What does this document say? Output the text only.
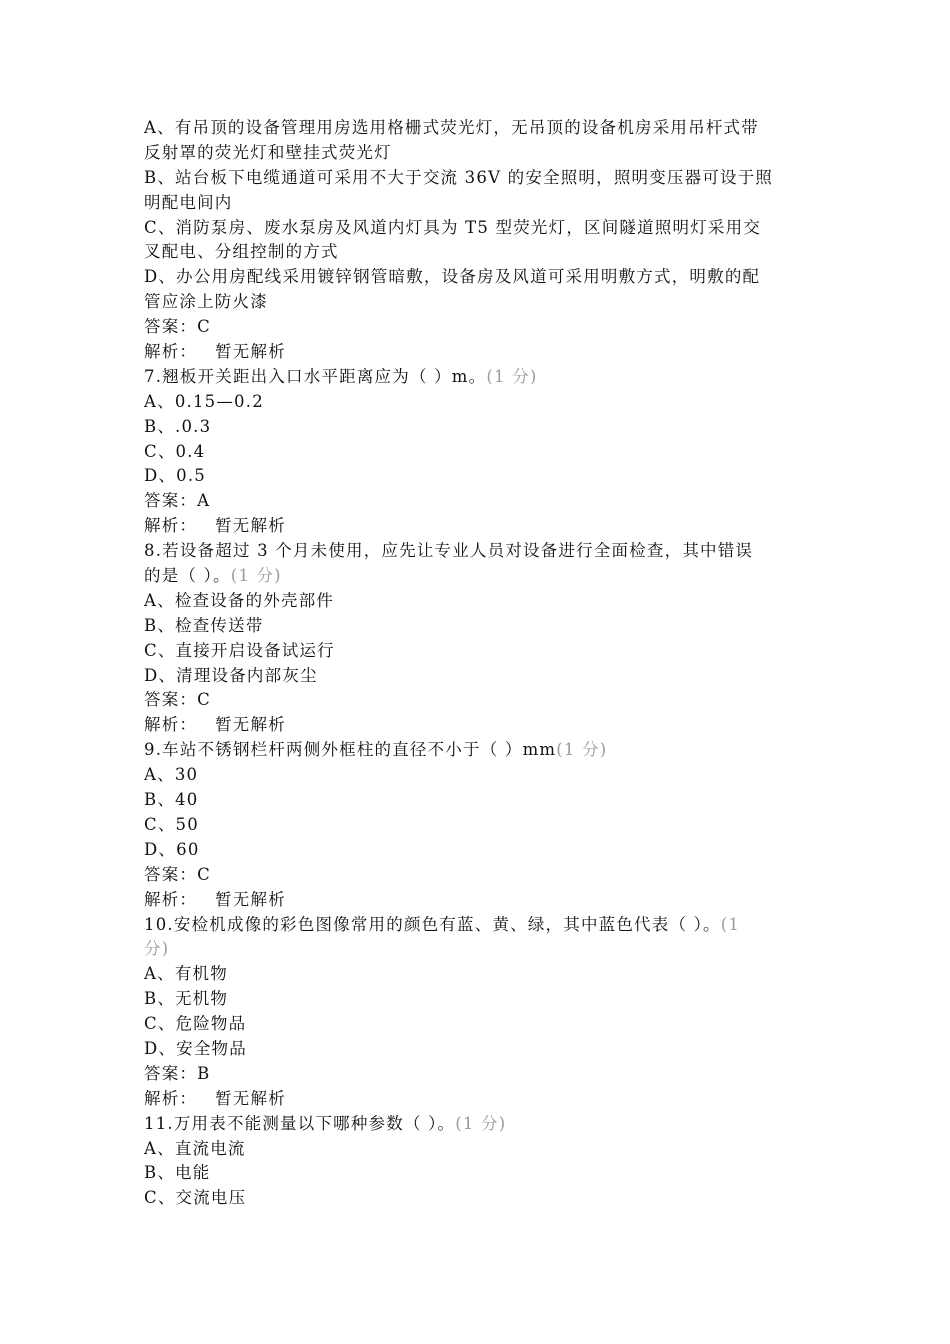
A、有吊顶的设备管理用房选用格栅式荧光灯，无吊顶的设备机房采用吊杆式带
反射罩的荧光灯和壁挂式荧光灯
B、站台板下电缆通道可采用不大于交流 36V 的安全照明，照明变压器可设于照
明配电间内
C、消防泵房、废水泵房及风道内灯具为 T5 型荧光灯，区间隧道照明灯采用交
叉配电、分组控制的方式
D、办公用房配线采用镀锌钢管暗敷，设备房及风道可采用明敷方式，明敷的配
管应涂上防火漆
答案：C
解析： 暂无解析
7.翘板开关距出入口水平距离应为（ ）m。(1 分)
A、0.15—0.2
B、.0.3
C、0.4
D、0.5
答案：A
解析： 暂无解析
8.若设备超过 3 个月未使用，应先让专业人员对设备进行全面检查，其中错误
的是（ ）。(1 分)
A、检查设备的外壳部件
B、检查传送带
C、直接开启设备试运行
D、清理设备内部灰尘
答案：C
解析： 暂无解析
9.车站不锈钢栏杆两侧外框柱的直径不小于（ ）mm(1 分)
A、30
B、40
C、50
D、60
答案：C
解析： 暂无解析
10.安检机成像的彩色图像常用的颜色有蓝、黄、绿，其中蓝色代表（ ）。(1
分)
A、有机物
B、无机物
C、危险物品
D、安全物品
答案：B
解析： 暂无解析
11.万用表不能测量以下哪种参数（ ）。(1 分)
A、直流电流
B、电能
C、交流电压
